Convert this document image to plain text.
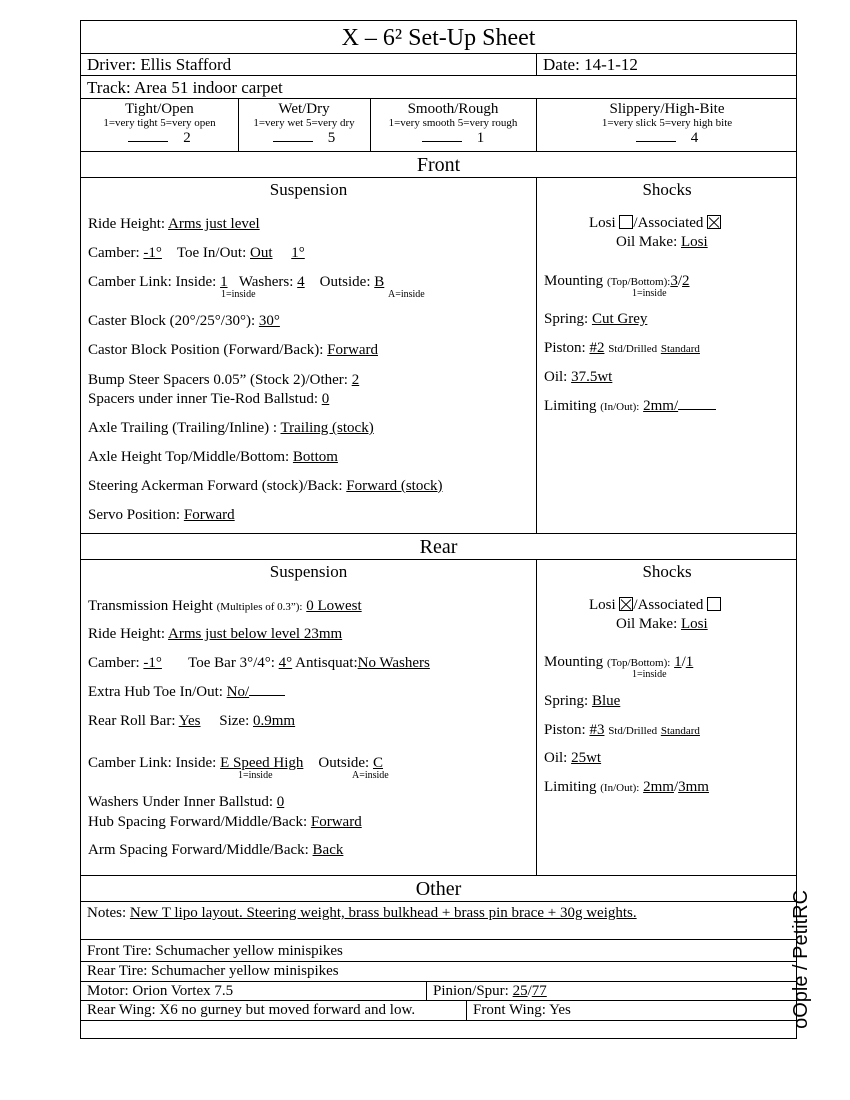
X – 6² Set-Up Sheet
Driver: Ellis Stafford	Date: 14-1-12
Track: Area 51 indoor carpet
Tight/Open
1=very tight 5=very open
2
Wet/Dry
1=very wet 5=very dry
5
Smooth/Rough
1=very smooth 5=very rough
1
Slippery/High-Bite
1=very slick 5=very high bite
4
Front
Suspension	Shocks
Ride Height: Arms just level
Camber: -1° Toe In/Out: Out 1°
Camber Link: Inside: 1 Washers: 4 Outside: B
1=inside	A=inside
Caster Block (20°/25°/30°): 30°
Castor Block Position (Forward/Back): Forward
Bump Steer Spacers 0.05” (Stock 2)/Other: 2
Spacers under inner Tie-Rod Ballstud: 0
Axle Trailing (Trailing/Inline) : Trailing (stock)
Axle Height Top/Middle/Bottom: Bottom
Steering Ackerman Forward (stock)/Back: Forward (stock)
Servo Position: Forward
Losi /Associated
Oil Make: Losi
Mounting (Top/Bottom):3/2
1=inside
Spring: Cut Grey
Piston: #2 Std/Drilled Standard
Oil: 37.5wt
Limiting (In/Out): 2mm/
Rear
Suspension	Shocks
Transmission Height (Multiples of 0.3”): 0 Lowest
Ride Height: Arms just below level 23mm
Camber: -1° Toe Bar 3°/4°: 4° Antisquat:No Washers
Extra Hub Toe In/Out: No/
Rear Roll Bar: Yes Size: 0.9mm
Camber Link: Inside: E Speed High Outside: C
1=inside	A=inside
Washers Under Inner Ballstud: 0
Hub Spacing Forward/Middle/Back: Forward
Arm Spacing Forward/Middle/Back: Back
Losi /Associated
Oil Make: Losi
Mounting (Top/Bottom): 1/1
1=inside
Spring: Blue
Piston: #3 Std/Drilled Standard
Oil: 25wt
Limiting (In/Out): 2mm/3mm
oOple / PetitRC
Other
Notes: New T lipo layout. Steering weight, brass bulkhead + brass pin brace + 30g weights.
Front Tire: Schumacher yellow minispikes
Rear Tire: Schumacher yellow minispikes
Motor: Orion Vortex 7.5	Pinion/Spur: 25/77
Rear Wing: X6 no gurney but moved forward and low.	Front Wing: Yes
